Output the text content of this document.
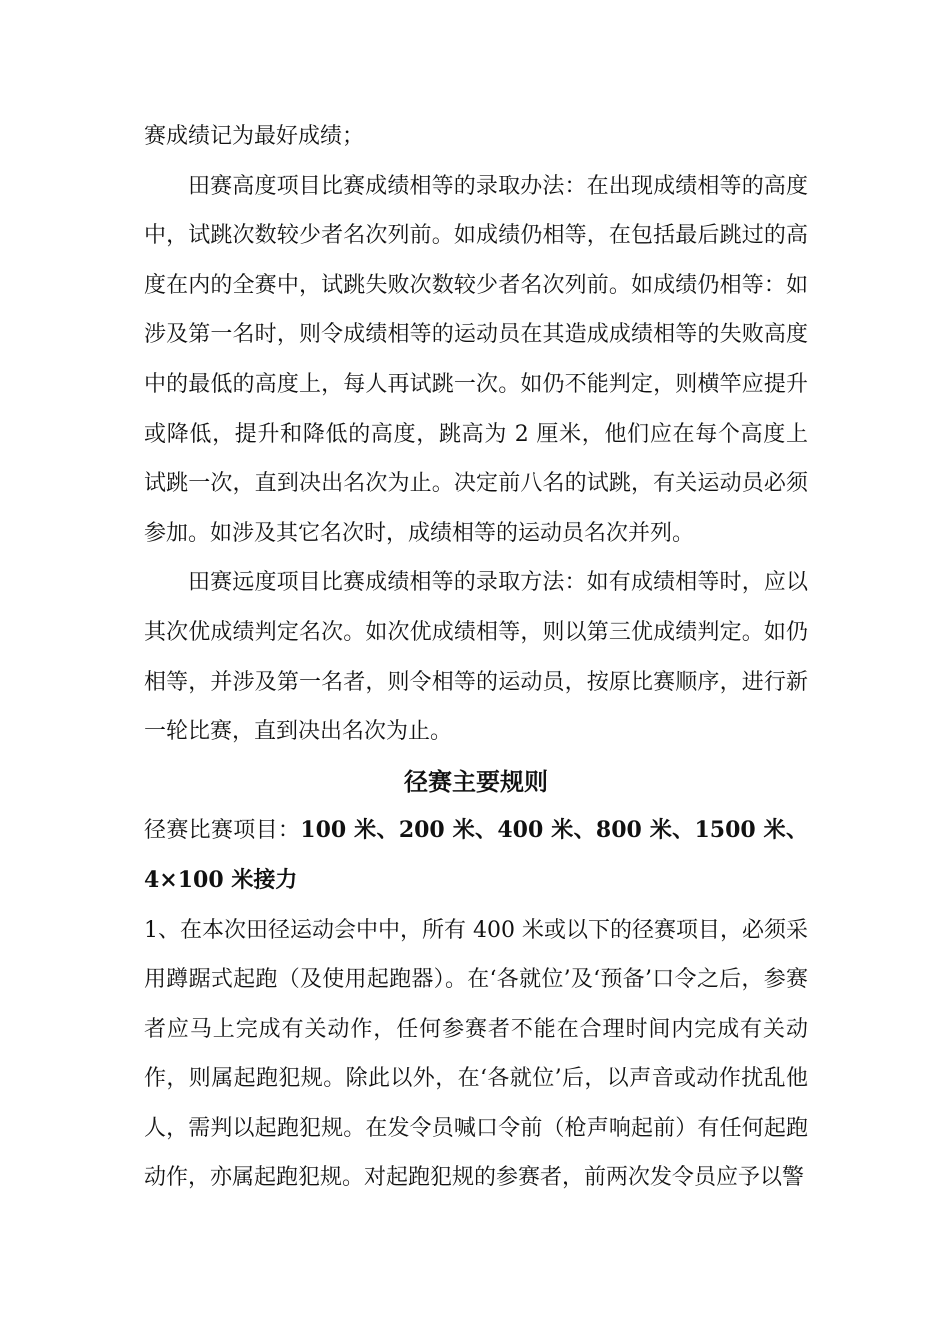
赛成绩记为最好成绩；

田赛高度项目比赛成绩相等的录取办法：在出现成绩相等的高度中，试跳次数较少者名次列前。如成绩仍相等，在包括最后跳过的高度在内的全赛中，试跳失败次数较少者名次列前。如成绩仍相等：如涉及第一名时，则令成绩相等的运动员在其造成成绩相等的失败高度中的最低的高度上，每人再试跳一次。如仍不能判定，则横竿应提升或降低，提升和降低的高度，跳高为 2 厘米，他们应在每个高度上试跳一次，直到决出名次为止。决定前八名的试跳，有关运动员必须参加。如涉及其它名次时，成绩相等的运动员名次并列。

田赛远度项目比赛成绩相等的录取方法：如有成绩相等时，应以其次优成绩判定名次。如次优成绩相等，则以第三优成绩判定。如仍相等，并涉及第一名者，则令相等的运动员，按原比赛顺序，进行新一轮比赛，直到决出名次为止。

径赛主要规则

径赛比赛项目：100 米、200 米、400 米、800 米、1500 米、4×100 米接力

1、在本次田径运动会中中，所有 400 米或以下的径赛项目，必须采用蹲踞式起跑（及使用起跑器）。在‘各就位’及‘预备’口令之后，参赛者应马上完成有关动作，任何参赛者不能在合理时间内完成有关动作，则属起跑犯规。除此以外，在‘各就位’后，以声音或动作扰乱他人，需判以起跑犯规。在发令员喊口令前（枪声响起前）有任何起跑动作，亦属起跑犯规。对起跑犯规的参赛者，前两次发令员应予以警
